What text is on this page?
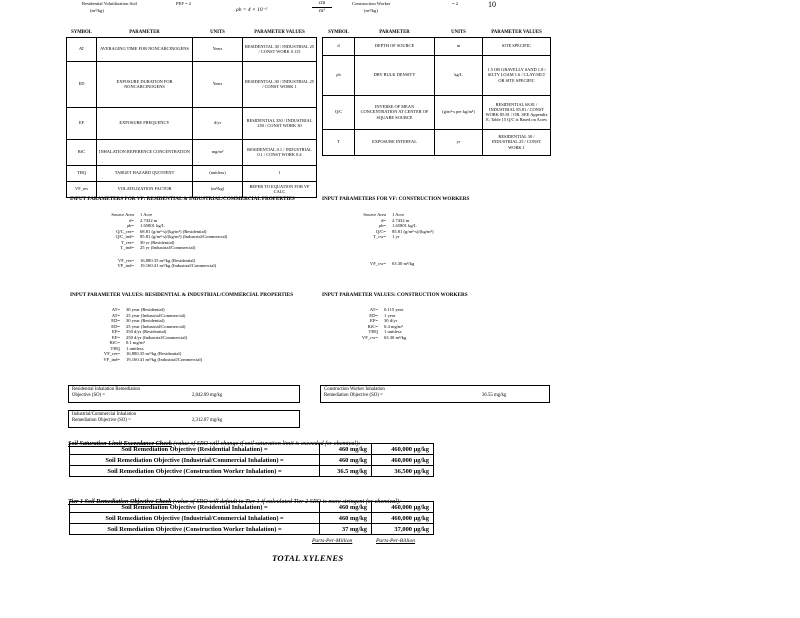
Residential Volatilization Soil
(m³/kg)
PEF = 2
ρb = 4 × 10⁻²
cm
m³
Construction Worker
(m³/kg)
= 2	10
SYMBOL	PARAMETER	UNITS	PARAMETER VALUES
AT	AVERAGING TIME FOR NONCARCINOGENS	Years	RESIDENTIAL 30 / INDUSTRIAL 25 / CONST WORK 0.115
ED	EXPOSURE DURATION FOR NONCARCINOGENS	Years	RESIDENTIAL 30 / INDUSTRIAL 25 / CONST WORK 1
EF	EXPOSURE FREQUENCY	d/yr	RESIDENTIAL 350 / INDUSTRIAL 250 / CONST WORK 30
RfC	INHALATION REFERENCE CONCENTRATION	mg/m³	RESIDENTIAL 0.1 / INDUSTRIAL 0.1 / CONST WORK 0.4
THQ	TARGET HAZARD QUOTIENT	(unitless)	1
VF_res	VOLATILIZATION FACTOR	(m³/kg)	REFER TO EQUATION FOR VF CALC
SYMBOL	PARAMETER	UNITS	PARAMETER VALUES
d	DEPTH OF SOURCE	m	SITE SPECIFIC
ρb	DRY BULK DENSITY	kg/L	1.5 OR GRAVELLY SAND 1.8 / SILTY LOAM 1.6 / CLAY/SILT OR SITE SPECIFIC
Q/C	INVERSE OF MEAN CONCENTRATION AT CENTER OF SQUARE SOURCE	(g/m²-s per kg/m³)	RESIDENTIAL 68.81 / INDUSTRIAL 85.81 / CONST WORK 85.81 / OR, SEE Appendix E, Table 15 Q/C is Based on Acres
T	EXPOSURE INTERVAL	yr	RESIDENTIAL 30 / INDUSTRIAL 25 / CONST WORK 1
INPUT PARAMETERS FOR VF: RESIDENTIAL & INDUSTRIAL/COMMERCIAL PROPERTIES
Source Area	1 Acre
d=	2.7432 m
ρb=	1.65801 kg/L
Q/C_res=	68.81 (g/m²-s)/(kg/m³) (Residential)
Q/C_ind=	85.81 (g/m²-s)/(kg/m³) (Industrial/Commercial)
T_res=	30 yr (Residential)
T_ind=	25 yr (Industrial/Commercial)
VF_res=	16,880.35 m³/kg (Residential)
VF_ind=	19,160.41 m³/kg (Industrial/Commercial)
INPUT PARAMETERS FOR VF: CONSTRUCTION WORKERS
Source Area	1 Acre
d=	2.7432 m
ρb=	1.65801 kg/L
Q/C=	85.81 (g/m²-s)/(kg/m³)
T_cw=	1 yr
VF_cw=	63.30 m³/kg
INPUT PARAMETER VALUES: RESIDENTIAL & INDUSTRIAL/COMMERCIAL PROPERTIES
AT=	30 year (Residential)
AT=	25 year (Industrial/Commercial)
ED=	30 year (Residential)
ED=	25 year (Industrial/Commercial)
EF=	350 d/yr (Residential)
EF=	250 d/yr (Industrial/Commercial)
RfC=	0.1 mg/m³
THQ	1 unitless
VF_res=	16,880.35 m³/kg (Residential)
VF_ind=	19,160.41 m³/kg (Industrial/Commercial)
INPUT PARAMETER VALUES: CONSTRUCTION WORKERS
AT=	0.115 year
ED=	1 year
EF=	30 d/yr
RfC=	0.4 mg/m³
THQ	1 unitless
VF_cw=	63.30 m³/kg
Residential Inhalation Remediation
Objective (SO) =	2,042.89 mg/kg
Construction Worker Inhalation
Remediation Objective (SO) =	36.55 mg/kg
Industrial/Commercial Inhalation
Remediation Objective (SO) =	2,312.87 mg/kg
Soil Saturation Limit Exceedance Check (value of SRO will change if soil saturation limit is exceeded for chemical):
Soil Remediation Objective (Residential Inhalation) =	460 mg/kg	460,000 µg/kg
Soil Remediation Objective (Industrial/Commercial Inhalation) =	460 mg/kg	460,000 µg/kg
Soil Remediation Objective (Construction Worker Inhalation) =	36.5 mg/kg	36,500 µg/kg
Tier 1 Soil Remediation Objective Check (value of SRO will default to Tier 1 if calculated Tier 2 SRO is more stringent for chemical):
Soil Remediation Objective (Residential Inhalation) =	460 mg/kg	460,000 µg/kg
Soil Remediation Objective (Industrial/Commercial Inhalation) =	460 mg/kg	460,000 µg/kg
Soil Remediation Objective (Construction Worker Inhalation) =	37 mg/kg	37,000 µg/kg
Parts-Per-Million	Parts-Per-Billion
TOTAL XYLENES
